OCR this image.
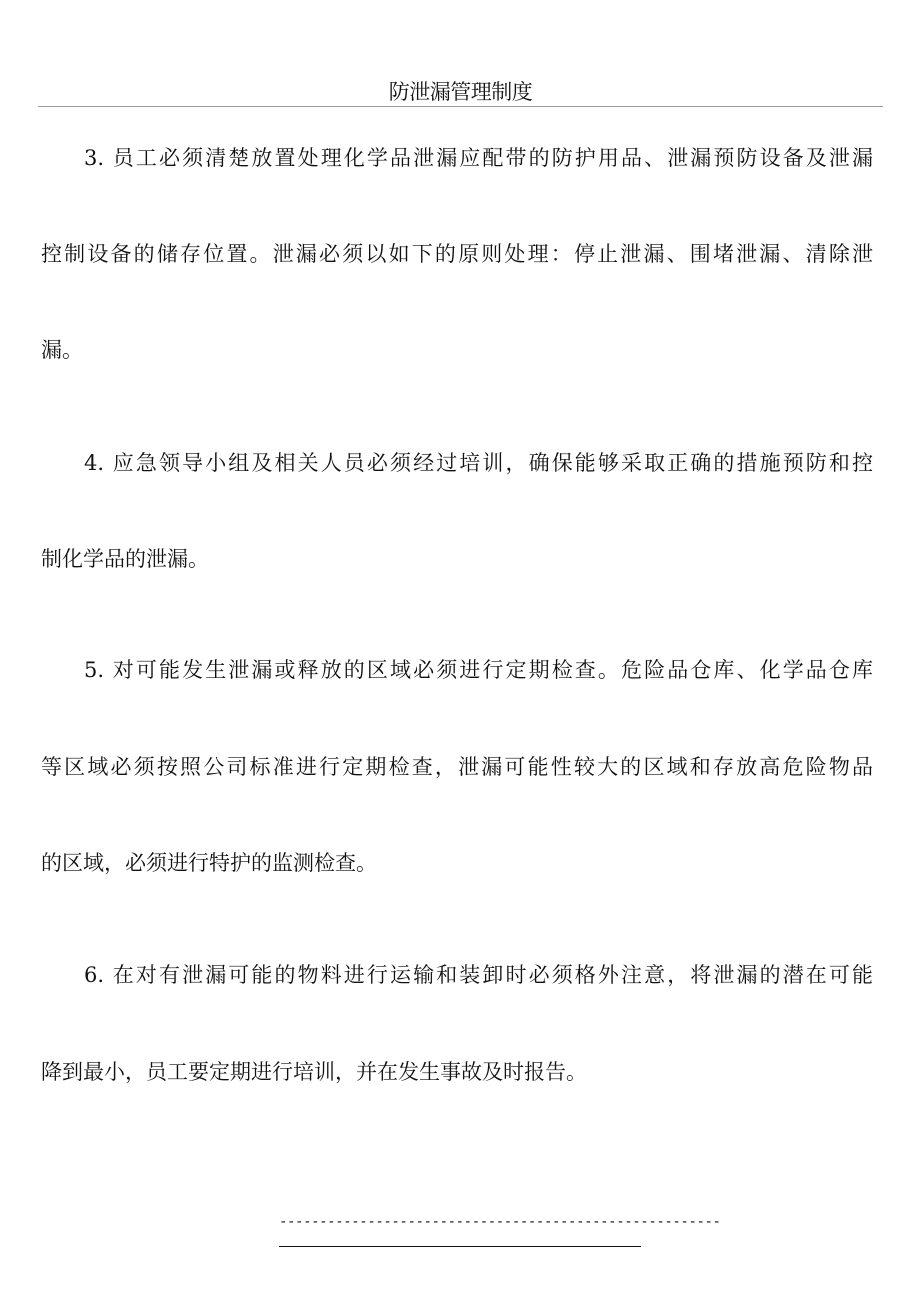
防泄漏管理制度
3. 员工必须清楚放置处理化学品泄漏应配带的防护用品、泄漏预防设备及泄漏
控制设备的储存位置。泄漏必须以如下的原则处理：停止泄漏、围堵泄漏、清除泄
漏。
4. 应急领导小组及相关人员必须经过培训，确保能够采取正确的措施预防和控
制化学品的泄漏。
5. 对可能发生泄漏或释放的区域必须进行定期检查。危险品仓库、化学品仓库
等区域必须按照公司标准进行定期检查，泄漏可能性较大的区域和存放高危险物品
的区域，必须进行特护的监测检查。
6. 在对有泄漏可能的物料进行运输和装卸时必须格外注意，将泄漏的潜在可能
降到最小，员工要定期进行培训，并在发生事故及时报告。
-------------------------------------------------------
